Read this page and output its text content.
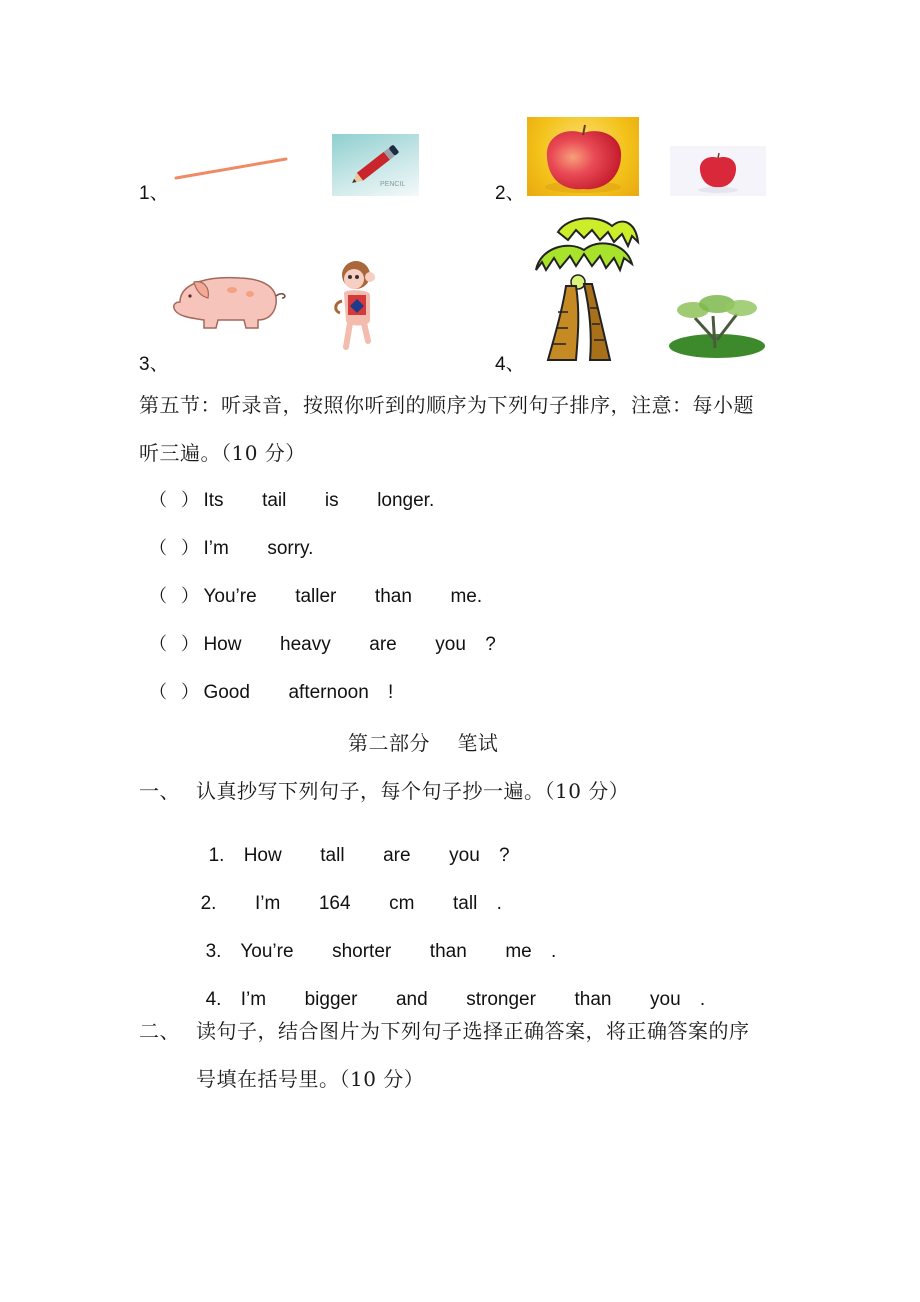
1、	PENCIL	2、
3、	4、
第五节：听录音，按照你听到的顺序为下列句子排序，注意：每小题
听三遍。（10 分）
（ ） Its  tail  is  longer.
（ ） I’m  sorry.
（ ） You’re  taller  than  me.
（ ） How  heavy  are  you ?
（ ） Good  afternoon !
第二部分    笔试
一、 认真抄写下列句子，每个句子抄一遍。（10 分）

1. How  tall  are  you ?

2. I’m  164  cm  tall .

3. You’re  shorter  than  me .

4. I’m  bigger  and  stronger  than  you .

二、 读句子，结合图片为下列句子选择正确答案，将正确答案的序
号填在括号里。（10 分）
